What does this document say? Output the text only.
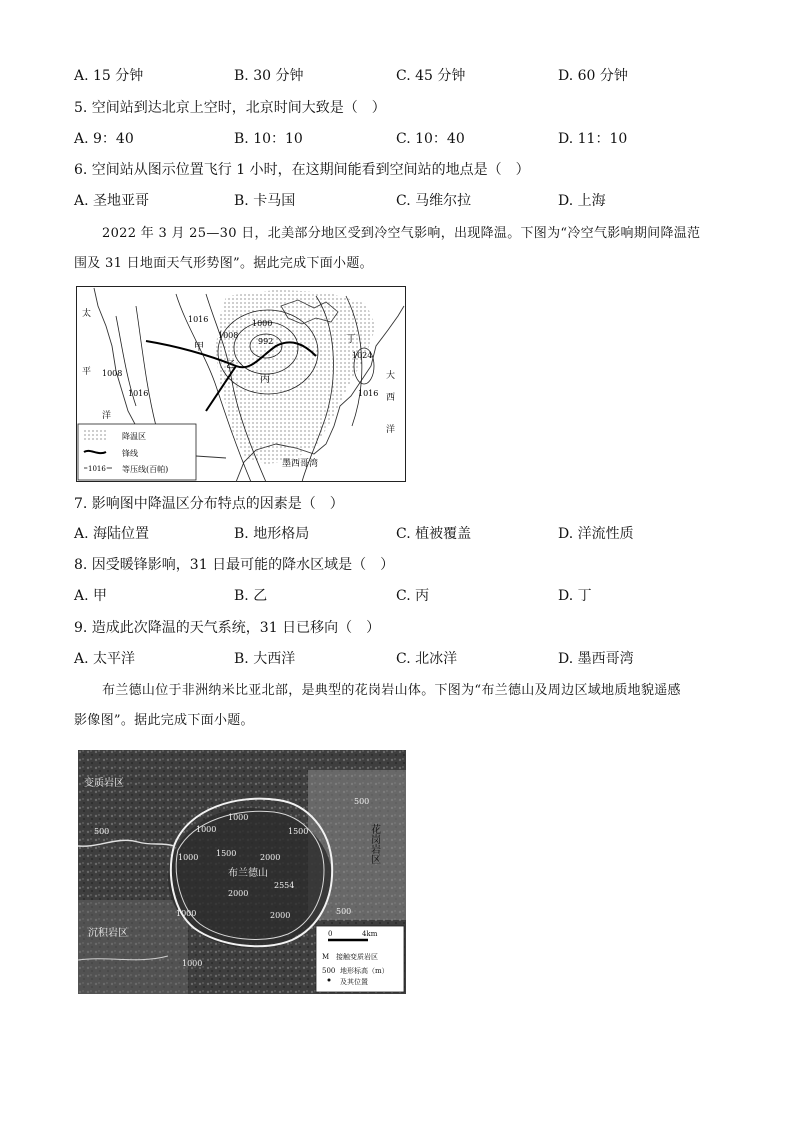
A. 15 分钟	B. 30 分钟	C. 45 分钟	D. 60 分钟
5. 空间站到达北京上空时，北京时间大致是（　）
A. 9：40	B. 10：10	C. 10：40	D. 11：10
6. 空间站从图示位置飞行 1 小时，在这期间能看到空间站的地点是（　）
A. 圣地亚哥	B. 卡马国	C. 马维尔拉	D. 上海
2022 年 3 月 25—30 日，北美部分地区受到冷空气影响，出现降温。下图为“冷空气影响期间降温范
围及 31 日地面天气形势图”。据此完成下面小题。
1016
1008
1000
992
1016
1008
1024
1016
甲
乙
丙
丁
太
平
洋
大
西
洋
墨西哥湾
降温区
锋线
1016 等压线(百帕)
7. 影响图中降温区分布特点的因素是（　）
A. 海陆位置	B. 地形格局	C. 植被覆盖	D. 洋流性质
8. 因受暖锋影响，31 日最可能的降水区域是（　）
A. 甲	B. 乙	C. 丙	D. 丁
9. 造成此次降温的天气系统，31 日已移向（　）
A. 太平洋	B. 大西洋	C. 北冰洋	D. 墨西哥湾
布兰德山位于非洲纳米比亚北部，是典型的花岗岩山体。下图为“布兰德山及周边区域地质地貌遥感
影像图”。据此完成下面小题。
变质岩区
沉积岩区
花岗岩区
布兰德山
2554
500
1000
1500
1000
1500	2000
2000
2000
1000
1000
1000
500
500
0	4km
M 接触变质岩区
500 地形标高（m）
及其位置
